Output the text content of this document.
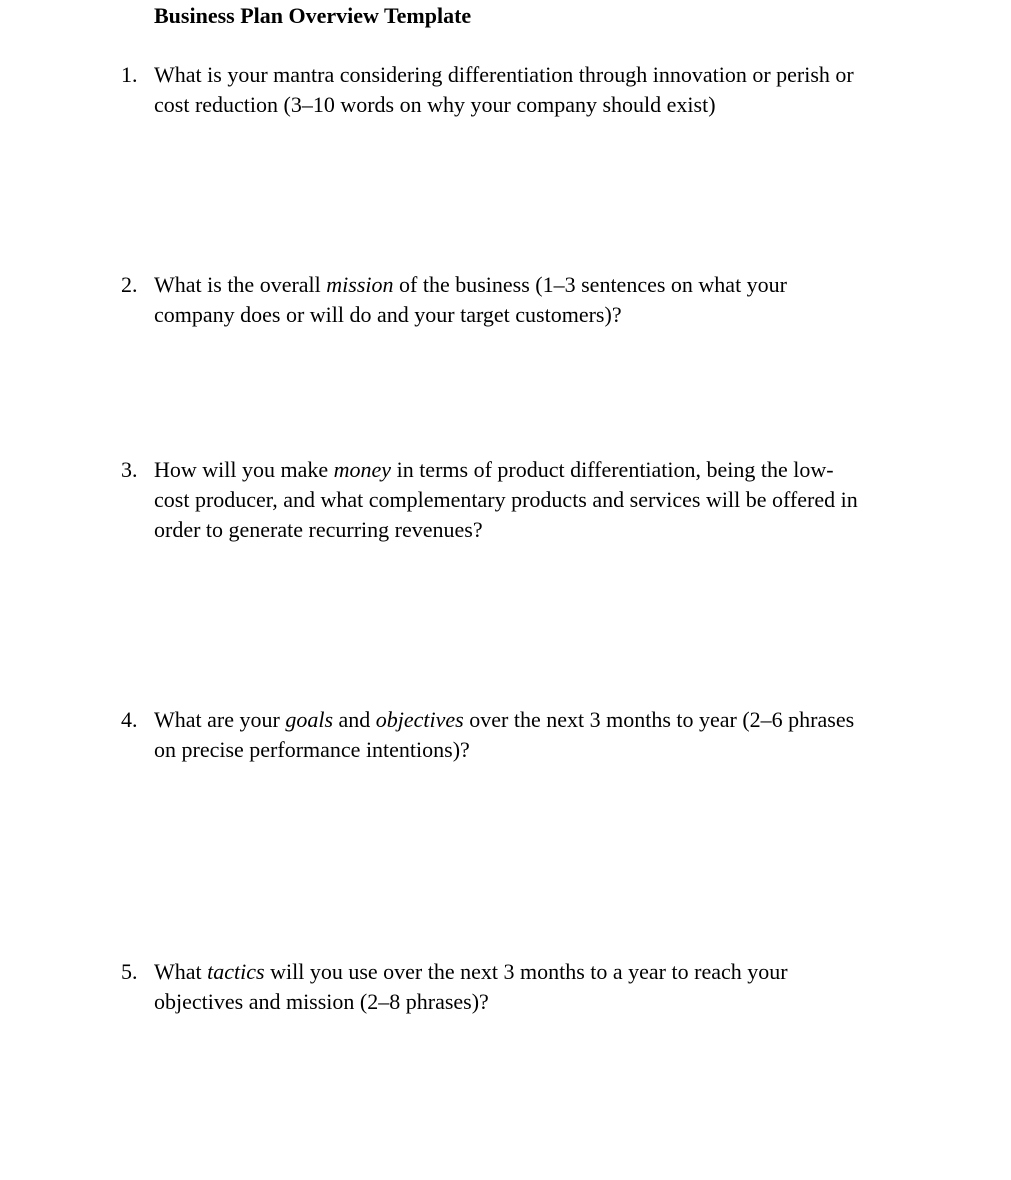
Business Plan Overview Template
1. What is your mantra considering differentiation through innovation or perish or
cost reduction (3–10 words on why your company should exist)
2. What is the overall mission of the business (1–3 sentences on what your
company does or will do and your target customers)?
3. How will you make money in terms of product differentiation, being the low-
cost producer, and what complementary products and services will be offered in
order to generate recurring revenues?
4. What are your goals and objectives over the next 3 months to year (2–6 phrases
on precise performance intentions)?
5. What tactics will you use over the next 3 months to a year to reach your
objectives and mission (2–8 phrases)?
